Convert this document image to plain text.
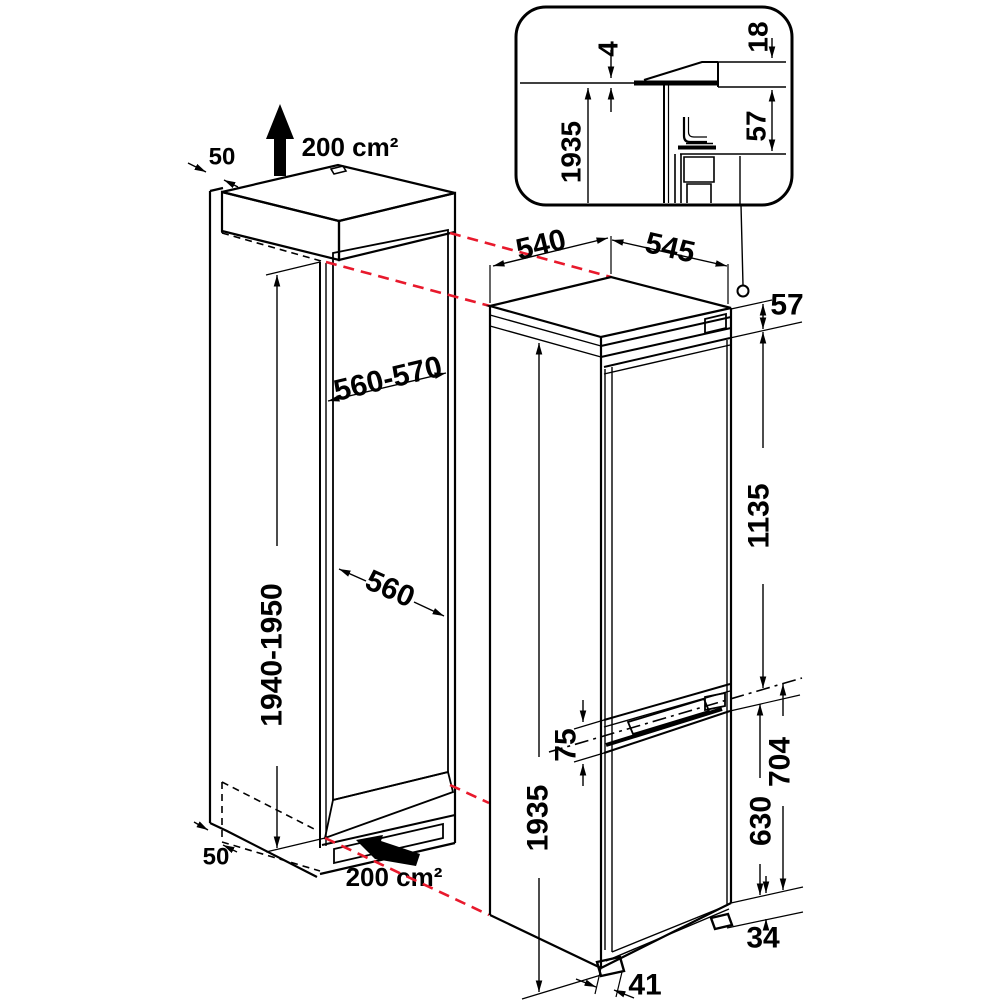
4	18
57
1935
50	200 cm²
560-570
1940-1950 560
50
200 cm²
540 545
57
1135
75	704
630
1935
34
41
